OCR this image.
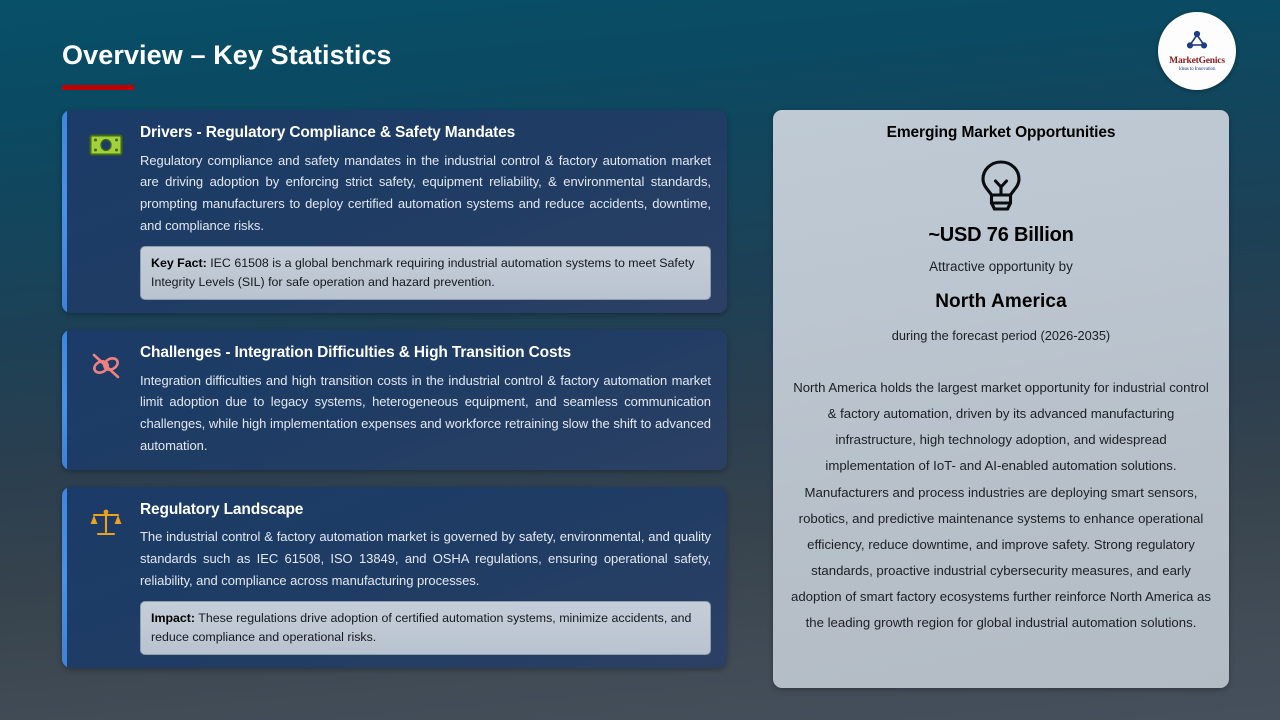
Overview – Key Statistics	MarketGenics
Ideas to Innovation
Drivers - Regulatory Compliance & Safety Mandates

Regulatory compliance and safety mandates in the industrial control & factory automation market are driving adoption by enforcing strict safety, equipment reliability, & environmental standards, prompting manufacturers to deploy certified automation systems and reduce accidents, downtime, and compliance risks.

Key Fact: IEC 61508 is a global benchmark requiring industrial automation systems to meet Safety Integrity Levels (SIL) for safe operation and hazard prevention.
Challenges - Integration Difficulties & High Transition Costs

Integration difficulties and high transition costs in the industrial control & factory automation market limit adoption due to legacy systems, heterogeneous equipment, and seamless communication challenges, while high implementation expenses and workforce retraining slow the shift to advanced automation.

Regulatory Landscape

The industrial control & factory automation market is governed by safety, environmental, and quality standards such as IEC 61508, ISO 13849, and OSHA regulations, ensuring operational safety, reliability, and compliance across manufacturing processes.

Impact: These regulations drive adoption of certified automation systems, minimize accidents, and reduce compliance and operational risks.
Emerging Market Opportunities
~USD 76 Billion
Attractive opportunity by
North America
during the forecast period (2026-2035)
North America holds the largest market opportunity for industrial control & factory automation, driven by its advanced manufacturing infrastructure, high technology adoption, and widespread implementation of IoT- and AI-enabled automation solutions. Manufacturers and process industries are deploying smart sensors, robotics, and predictive maintenance systems to enhance operational efficiency, reduce downtime, and improve safety. Strong regulatory standards, proactive industrial cybersecurity measures, and early adoption of smart factory ecosystems further reinforce North America as the leading growth region for global industrial automation solutions.
